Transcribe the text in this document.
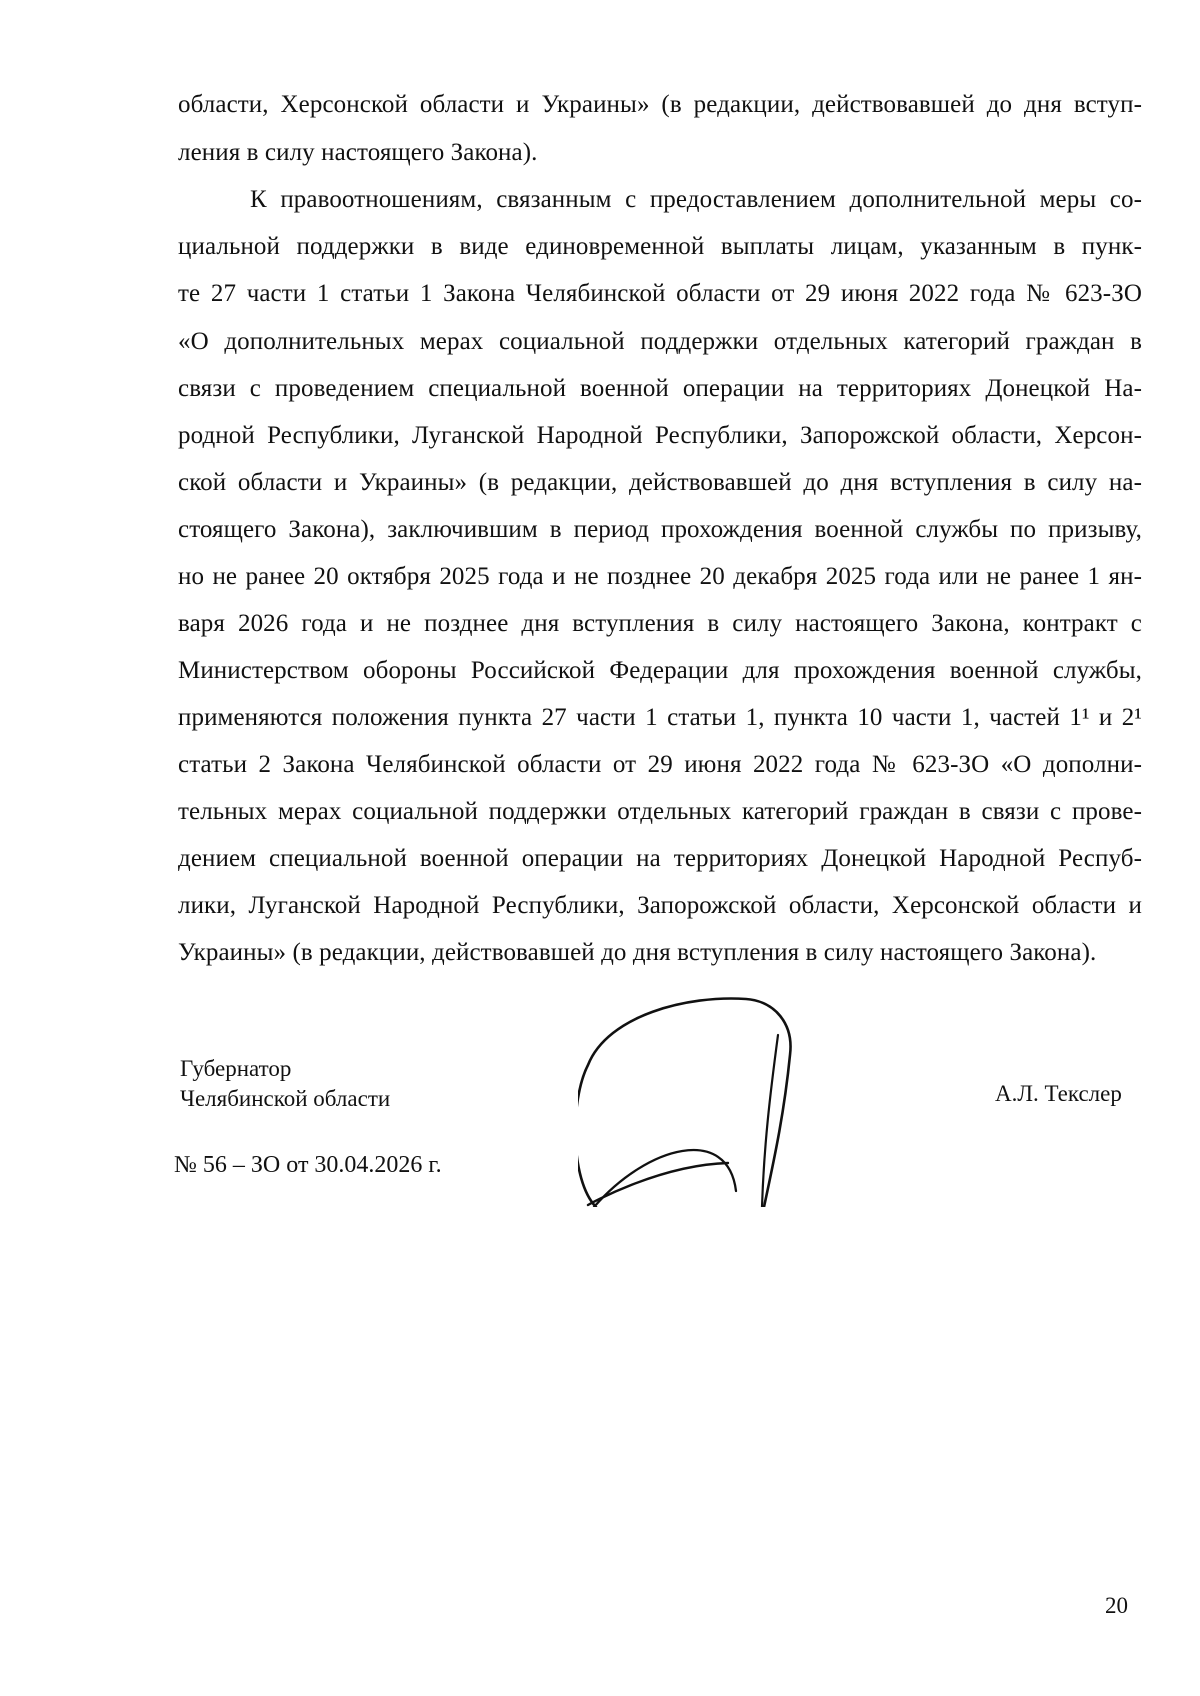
области, Херсонской области и Украины» (в редакции, действовавшей до дня вступ-

ления в силу настоящего Закона).

К правоотношениям, связанным с предоставлением дополнительной меры со-

циальной поддержки в виде единовременной выплаты лицам, указанным в пунк-

те 27 части 1 статьи 1 Закона Челябинской области от 29 июня 2022 года № 623-ЗО

«О дополнительных мерах социальной поддержки отдельных категорий граждан в

связи с проведением специальной военной операции на территориях Донецкой На-

родной Республики, Луганской Народной Республики, Запорожской области, Херсон-

ской области и Украины» (в редакции, действовавшей до дня вступления в силу на-

стоящего Закона), заключившим в период прохождения военной службы по призыву,

но не ранее 20 октября 2025 года и не позднее 20 декабря 2025 года или не ранее 1 ян-

варя 2026 года и не позднее дня вступления в силу настоящего Закона, контракт с

Министерством обороны Российской Федерации для прохождения военной службы,

применяются положения пункта 27 части 1 статьи 1, пункта 10 части 1, частей 1¹ и 2¹

статьи 2 Закона Челябинской области от 29 июня 2022 года № 623-ЗО «О дополни-

тельных мерах социальной поддержки отдельных категорий граждан в связи с прове-

дением специальной военной операции на территориях Донецкой Народной Респуб-

лики, Луганской Народной Республики, Запорожской области, Херсонской области и

Украины» (в редакции, действовавшей до дня вступления в силу настоящего Закона).

Губернатор

Челябинской области	А.Л. Текслер

№ 56 – ЗО от 30.04.2026 г.

20
